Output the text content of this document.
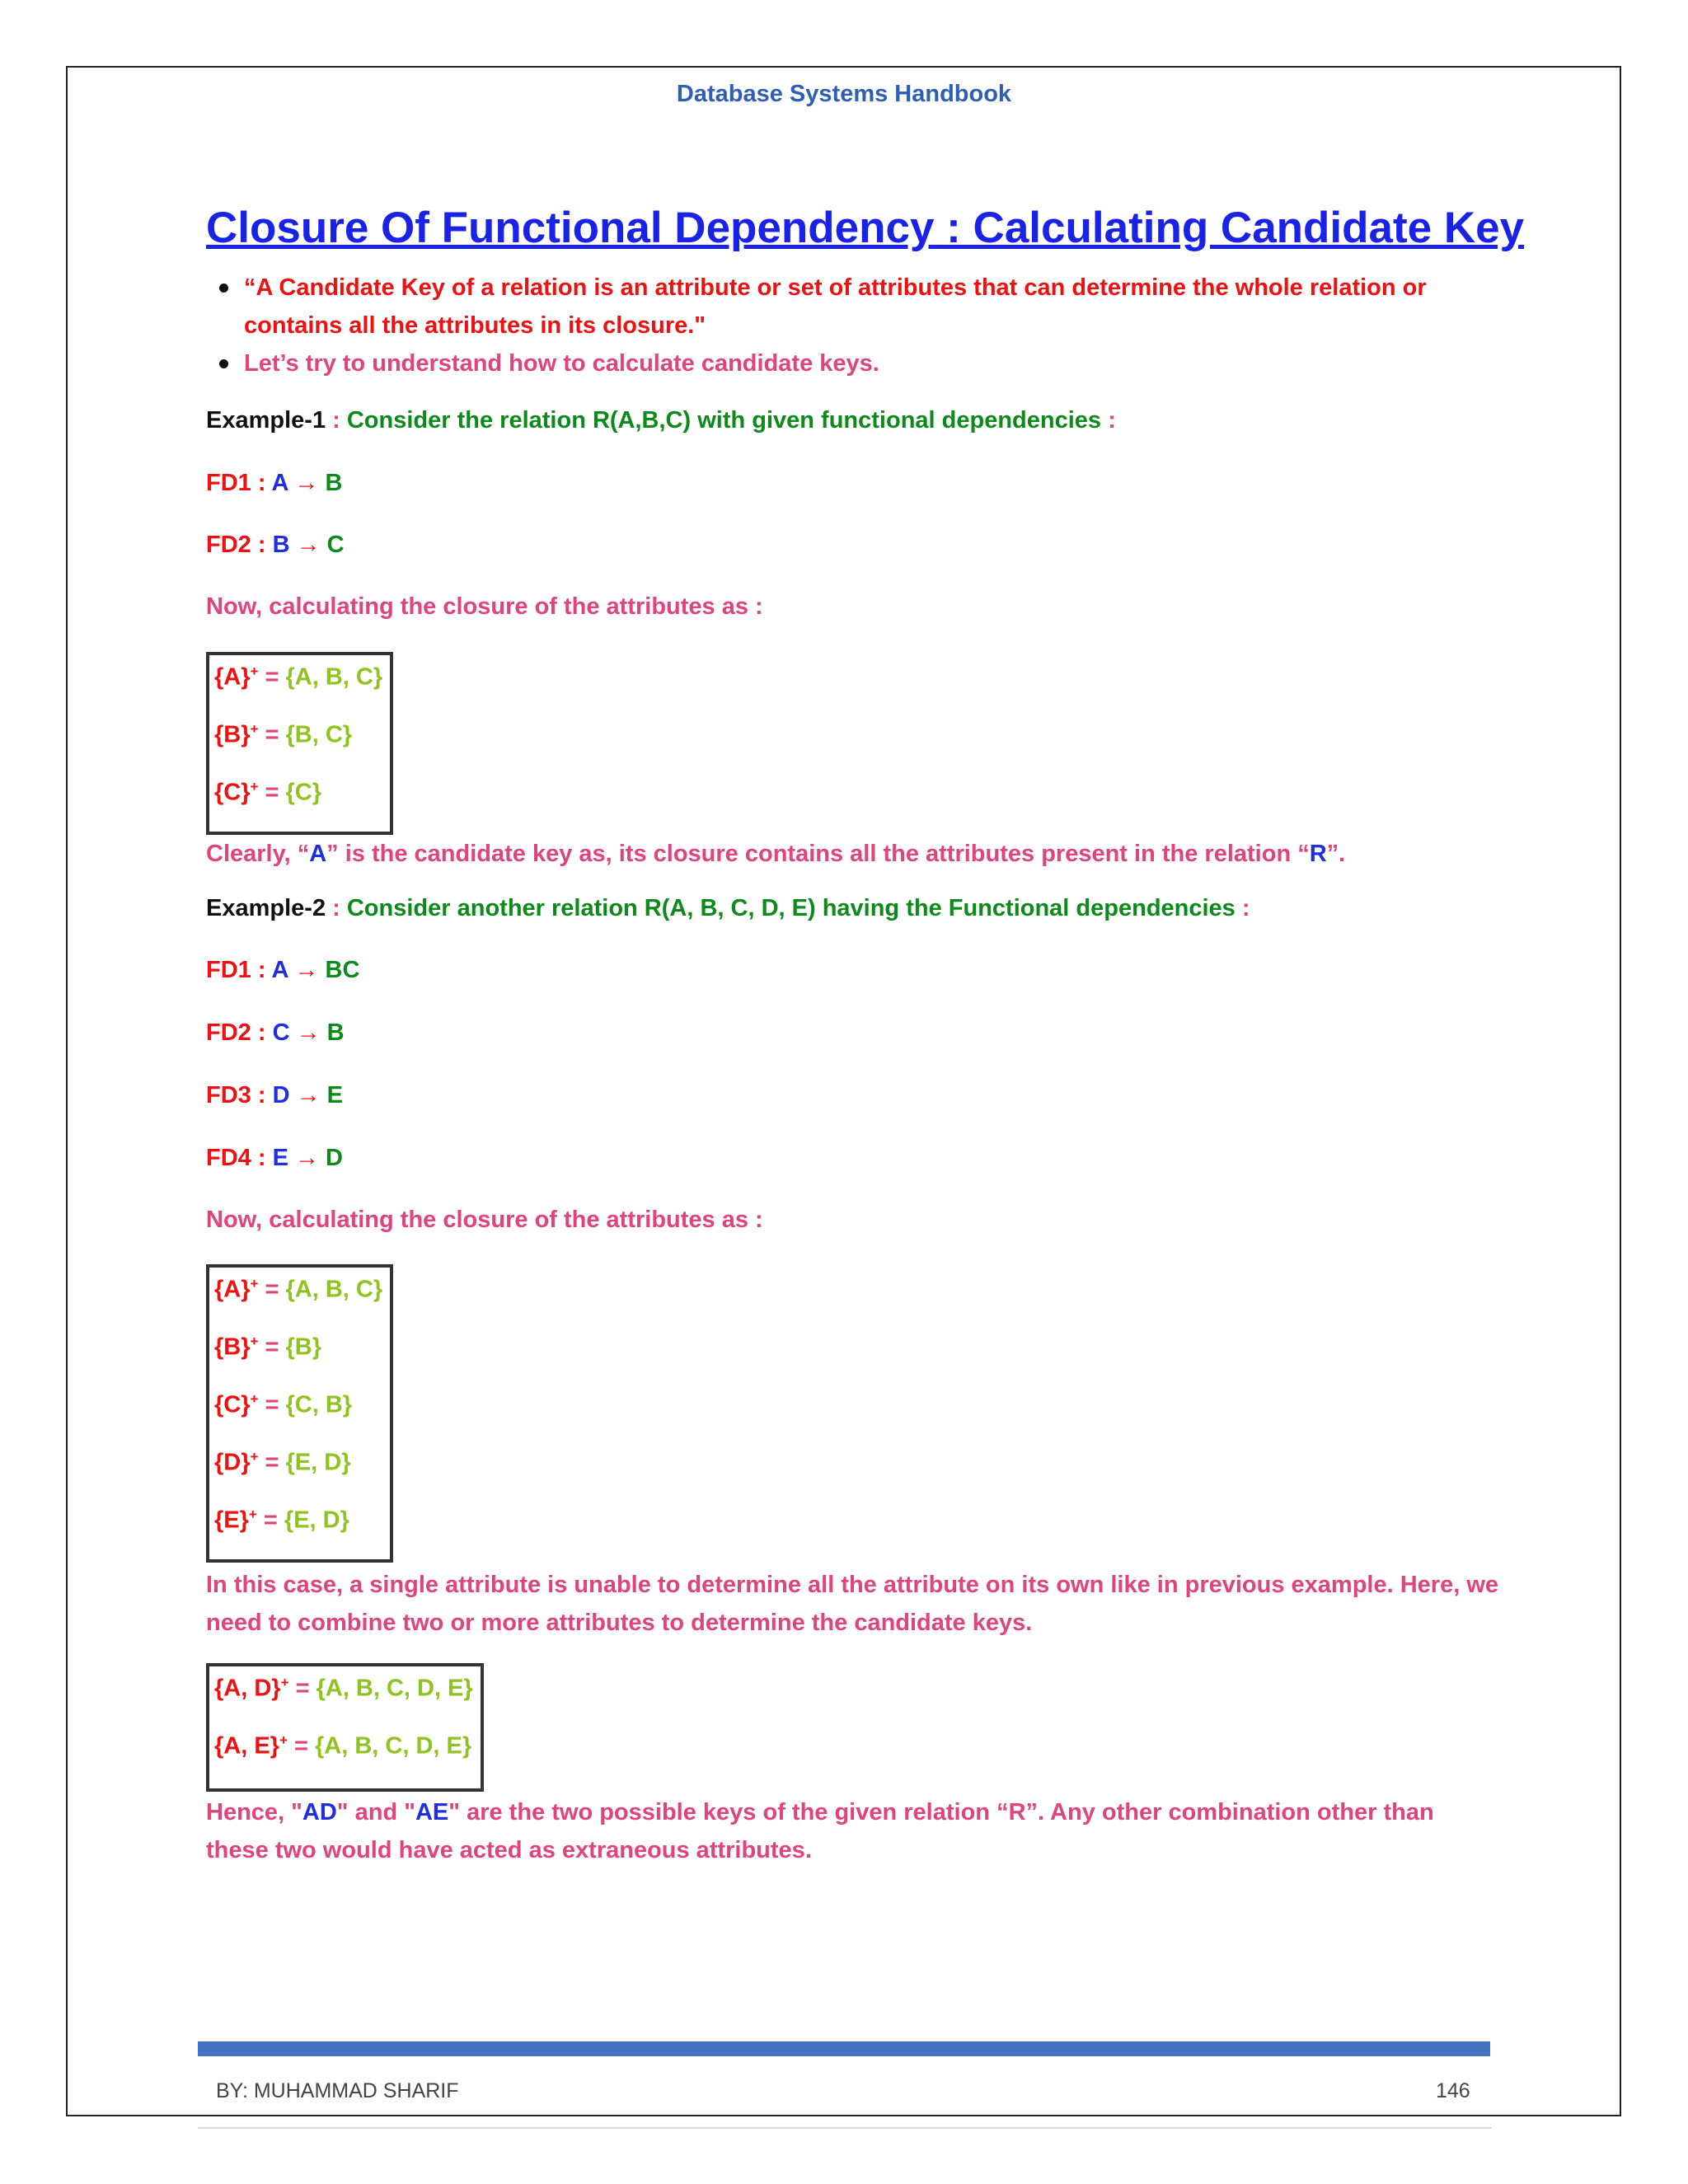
Database Systems Handbook
Closure Of Functional Dependency : Calculating Candidate Key
“A Candidate Key of a relation is an attribute or set of attributes that can determine the whole relation or contains all the attributes in its closure."
Let’s try to understand how to calculate candidate keys.

Example-1 : Consider the relation R(A,B,C) with given functional dependencies :

FD1 : A → B

FD2 : B → C

Now, calculating the closure of the attributes as :

{A}+ = {A, B, C}
{B}+ = {B, C}
{C}+ = {C}

Clearly, “A” is the candidate key as, its closure contains all the attributes present in the relation “R”.

Example-2 : Consider another relation R(A, B, C, D, E) having the Functional dependencies :

FD1 : A → BC

FD2 : C → B

FD3 : D → E

FD4 : E → D

Now, calculating the closure of the attributes as :

{A}+ = {A, B, C}
{B}+ = {B}
{C}+ = {C, B}
{D}+ = {E, D}
{E}+ = {E, D}

In this case, a single attribute is unable to determine all the attribute on its own like in previous example. Here, we need to combine two or more attributes to determine the candidate keys.

{A, D}+ = {A, B, C, D, E}
{A, E}+ = {A, B, C, D, E}

Hence, "AD" and "AE" are the two possible keys of the given relation “R”. Any other combination other than these two would have acted as extraneous attributes.

BY: MUHAMMAD SHARIF	146
